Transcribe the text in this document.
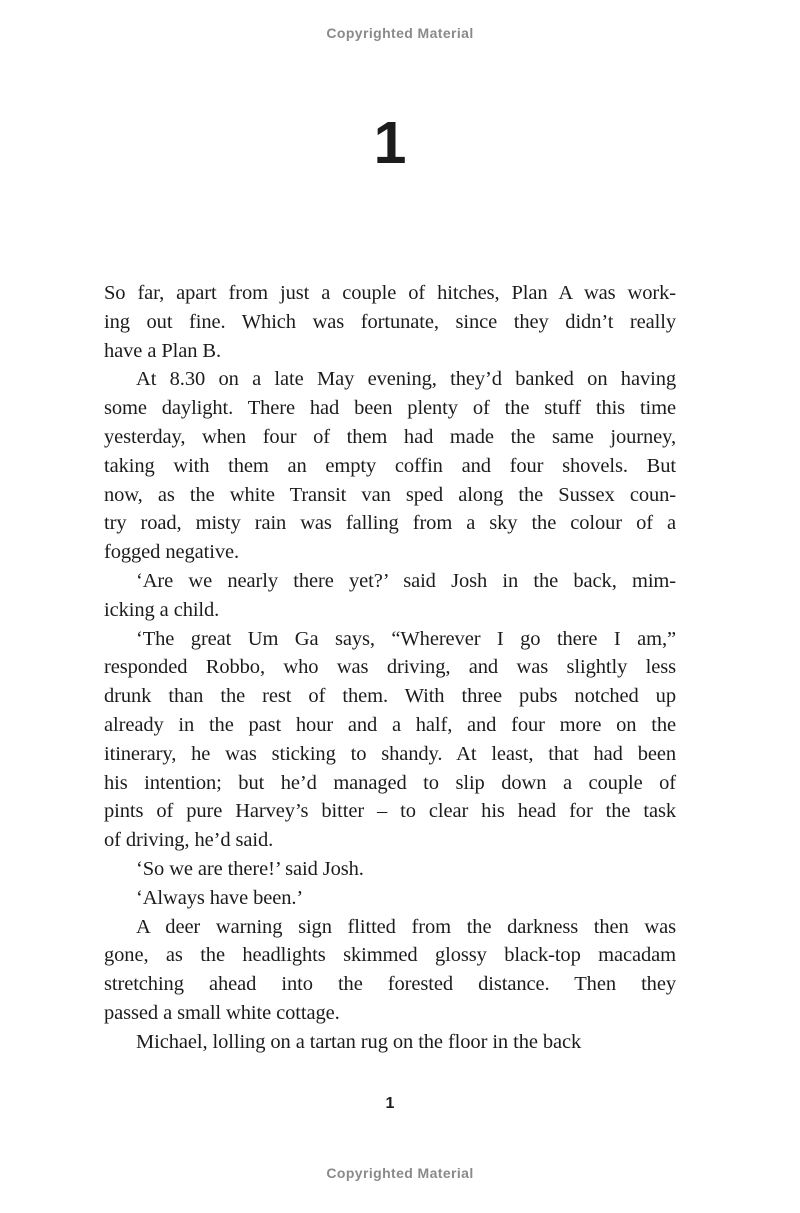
Copyrighted Material
1
So far, apart from just a couple of hitches, Plan A was work-
ing out fine. Which was fortunate, since they didn’t really
have a Plan B.
At 8.30 on a late May evening, they’d banked on having
some daylight. There had been plenty of the stuff this time
yesterday, when four of them had made the same journey,
taking with them an empty coffin and four shovels. But
now, as the white Transit van sped along the Sussex coun-
try road, misty rain was falling from a sky the colour of a
fogged negative.
‘Are we nearly there yet?’ said Josh in the back, mim-
icking a child.
‘The great Um Ga says, “Wherever I go there I am,”
responded Robbo, who was driving, and was slightly less
drunk than the rest of them. With three pubs notched up
already in the past hour and a half, and four more on the
itinerary, he was sticking to shandy. At least, that had been
his intention; but he’d managed to slip down a couple of
pints of pure Harvey’s bitter – to clear his head for the task
of driving, he’d said.
‘So we are there!’ said Josh.
‘Always have been.’
A deer warning sign flitted from the darkness then was
gone, as the headlights skimmed glossy black-top macadam
stretching ahead into the forested distance. Then they
passed a small white cottage.
Michael, lolling on a tartan rug on the floor in the back
1
Copyrighted Material
